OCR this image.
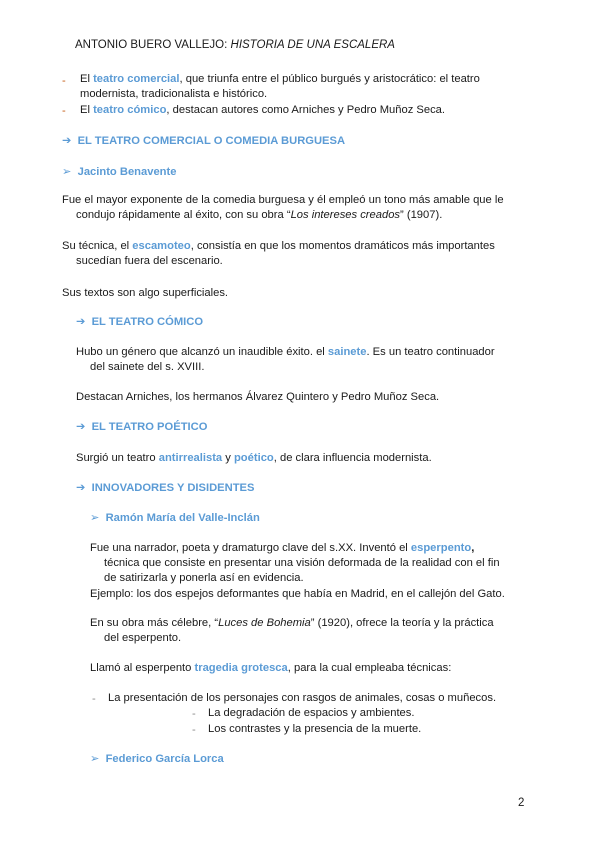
ANTONIO BUERO VALLEJO: HISTORIA DE UNA ESCALERA
- El teatro comercial, que triunfa entre el público burgués y aristocrático: el teatro
modernista, tradicionalista e histórico.
- El teatro cómico, destacan autores como Arniches y Pedro Muñoz Seca.
➔ EL TEATRO COMERCIAL O COMEDIA BURGUESA
➢ Jacinto Benavente
Fue el mayor exponente de la comedia burguesa y él empleó un tono más amable que le
condujo rápidamente al éxito, con su obra “Los intereses creados” (1907).
Su técnica, el escamoteo, consistía en que los momentos dramáticos más importantes
sucedían fuera del escenario.
Sus textos son algo superficiales.
➔ EL TEATRO CÓMICO
Hubo un género que alcanzó un inaudible éxito. el sainete. Es un teatro continuador
del sainete del s. XVIII.
Destacan Arniches, los hermanos Álvarez Quintero y Pedro Muñoz Seca.
➔ EL TEATRO POÉTICO
Surgió un teatro antirrealista y poético, de clara influencia modernista.
➔ INNOVADORES Y DISIDENTES
➢ Ramón María del Valle-Inclán
Fue una narrador, poeta y dramaturgo clave del s.XX. Inventó el esperpento,
técnica que consiste en presentar una visión deformada de la realidad con el fin
de satirizarla y ponerla así en evidencia.
Ejemplo: los dos espejos deformantes que había en Madrid, en el callejón del Gato.
En su obra más célebre, “Luces de Bohemia” (1920), ofrece la teoría y la práctica
del esperpento.
Llamó al esperpento tragedia grotesca, para la cual empleaba técnicas:
- La presentación de los personajes con rasgos de animales, cosas o muñecos.
- La degradación de espacios y ambientes.
- Los contrastes y la presencia de la muerte.
➢ Federico García Lorca
2
